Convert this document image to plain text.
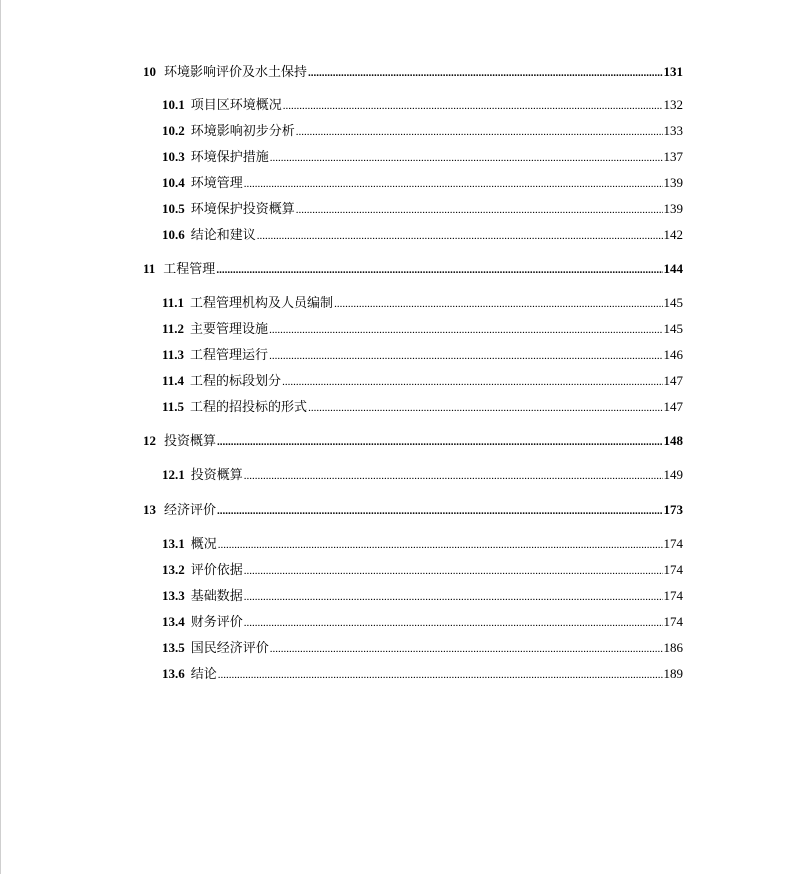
10 环境影响评价及水土保持 .....	131
10.1 项目区环境概况 .....	132
10.2 环境影响初步分析 .....	133
10.3 环境保护措施 .....	137
10.4 环境管理 .....	139
10.5 环境保护投资概算 .....	139
10.6 结论和建议 .....	142
11 工程管理 .....	144
11.1 工程管理机构及人员编制 .....	145
11.2 主要管理设施 .....	145
11.3 工程管理运行 .....	146
11.4 工程的标段划分 .....	147
11.5 工程的招投标的形式 .....	147
12 投资概算 .....	148
12.1 投资概算 .....	149
13 经济评价 .....	173
13.1 概况 .....	174
13.2 评价依据 .....	174
13.3 基础数据 .....	174
13.4 财务评价 .....	174
13.5 国民经济评价 .....	186
13.6 结论 .....	189
